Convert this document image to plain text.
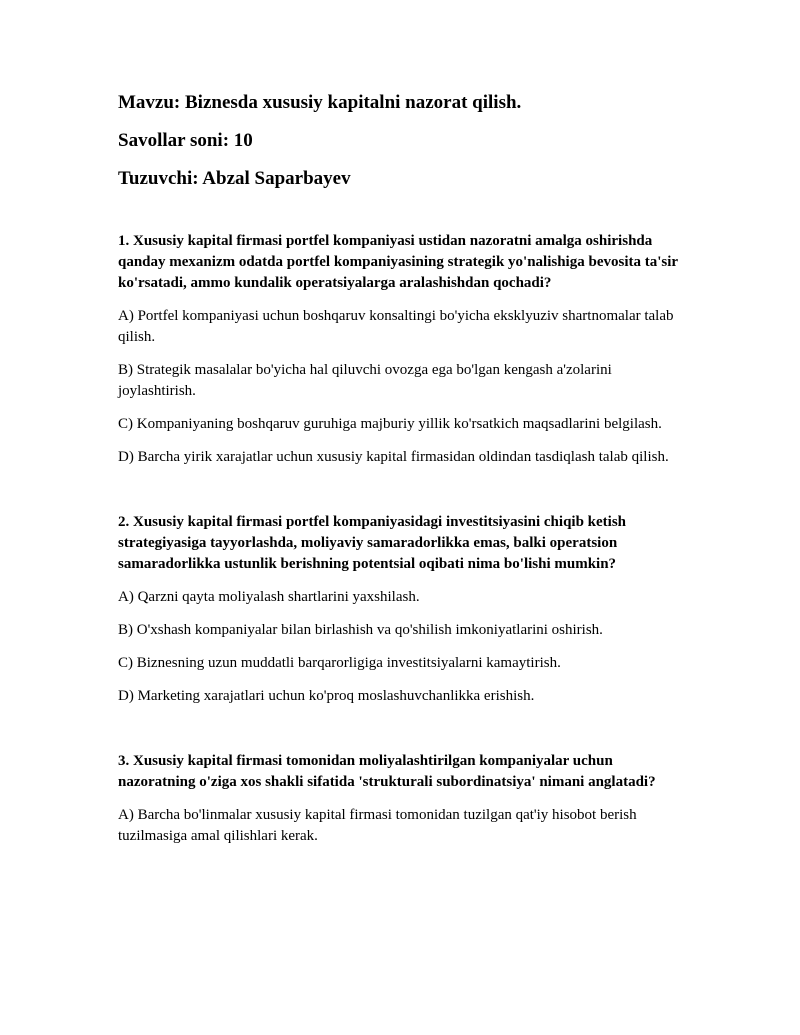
Mavzu: Biznesda xususiy kapitalni nazorat qilish.

Savollar soni: 10

Tuzuvchi: Abzal Saparbayev

1. Xususiy kapital firmasi portfel kompaniyasi ustidan nazoratni amalga oshirishda qanday mexanizm odatda portfel kompaniyasining strategik yo'nalishiga bevosita ta'sir ko'rsatadi, ammo kundalik operatsiyalarga aralashishdan qochadi?

A) Portfel kompaniyasi uchun boshqaruv konsaltingi bo'yicha eksklyuziv shartnomalar talab qilish.

B) Strategik masalalar bo'yicha hal qiluvchi ovozga ega bo'lgan kengash a'zolarini joylashtirish.

C) Kompaniyaning boshqaruv guruhiga majburiy yillik ko'rsatkich maqsadlarini belgilash.

D) Barcha yirik xarajatlar uchun xususiy kapital firmasidan oldindan tasdiqlash talab qilish.

2. Xususiy kapital firmasi portfel kompaniyasidagi investitsiyasini chiqib ketish strategiyasiga tayyorlashda, moliyaviy samaradorlikka emas, balki operatsion samaradorlikka ustunlik berishning potentsial oqibati nima bo'lishi mumkin?

A) Qarzni qayta moliyalash shartlarini yaxshilash.

B) O'xshash kompaniyalar bilan birlashish va qo'shilish imkoniyatlarini oshirish.

C) Biznesning uzun muddatli barqarorligiga investitsiyalarni kamaytirish.

D) Marketing xarajatlari uchun ko'proq moslashuvchanlikka erishish.

3. Xususiy kapital firmasi tomonidan moliyalashtirilgan kompaniyalar uchun nazoratning o'ziga xos shakli sifatida 'strukturali subordinatsiya' nimani anglatadi?

A) Barcha bo'linmalar xususiy kapital firmasi tomonidan tuzilgan qat'iy hisobot berish tuzilmasiga amal qilishlari kerak.
